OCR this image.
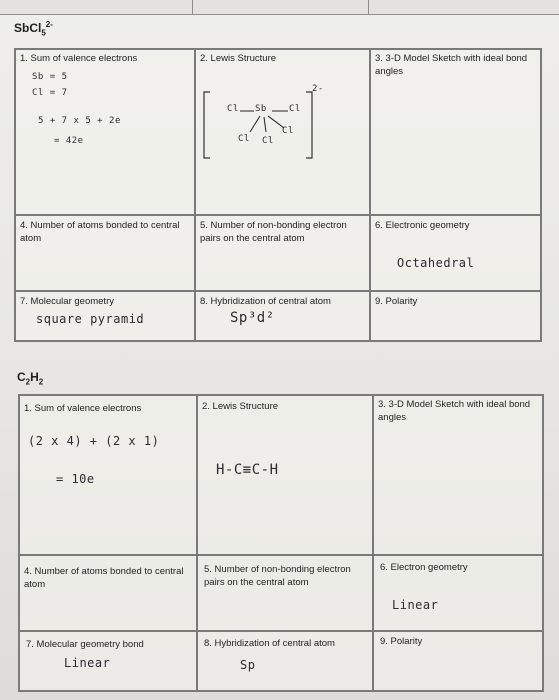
SbCl$_5^{2-}$
1. Sum of valence electrons
Sb = 5
Cl = 7
5 + 7 x 5 + 2e
= 42e
2. Lewis Structure
2-
Sb
Cl	Cl
Cl
Cl Cl
3. 3-D Model Sketch with ideal bond angles
4. Number of atoms bonded to central atom
5. Number of non-bonding electron pairs on the central atom
6. Electronic geometry
Octahedral
7. Molecular geometry
square pyramid
8. Hybridization of central atom
Sp³d²
9. Polarity
$C_2H_2$
1. Sum of valence electrons
(2 x 4) + (2 x 1)
= 10e
2. Lewis Structure
H-C≡C-H
3. 3-D Model Sketch with ideal bond angles
4. Number of atoms bonded to central atom
5. Number of non-bonding electron pairs on the central atom
6. Electron geometry
Linear
7. Molecular geometry bond
Linear
8. Hybridization of central atom
Sp
9. Polarity
